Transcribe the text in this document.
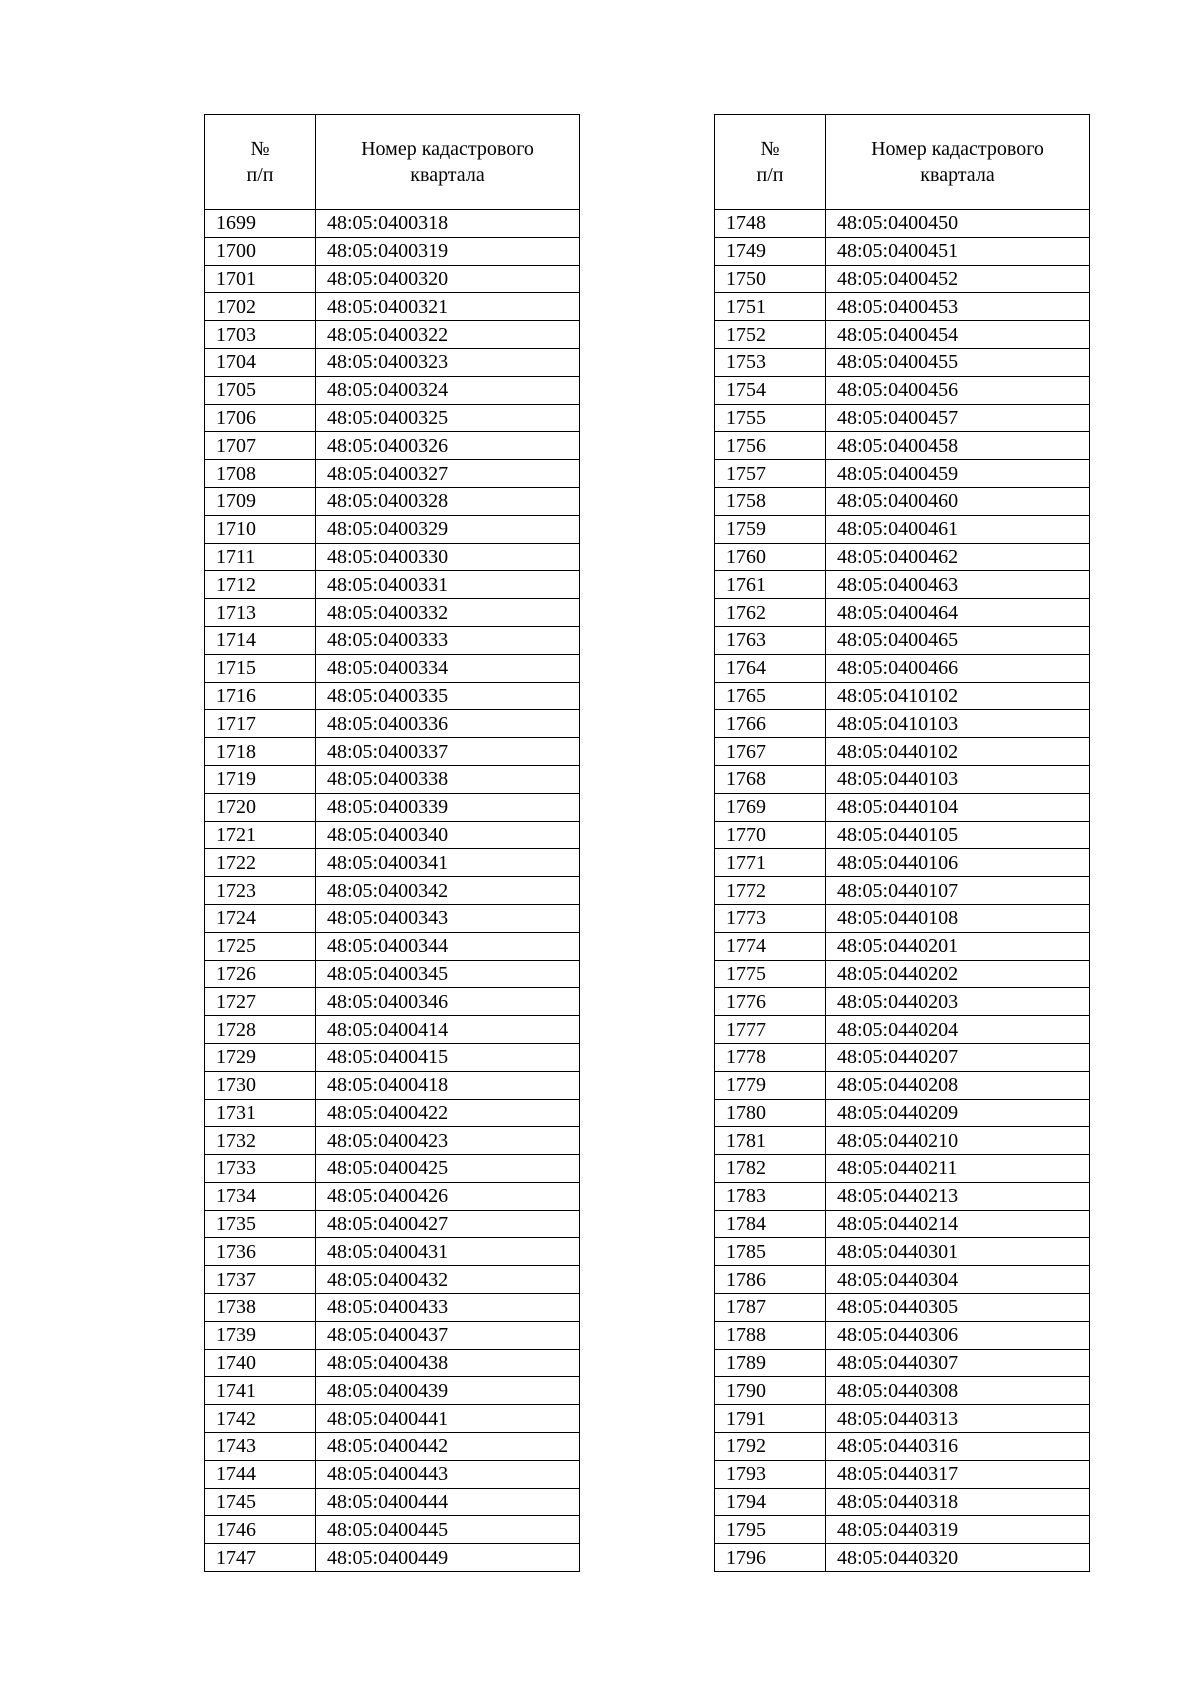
№
п/п	Номер кадастрового
квартала

1699	48:05:0400318
1700	48:05:0400319
1701	48:05:0400320
1702	48:05:0400321
1703	48:05:0400322
1704	48:05:0400323
1705	48:05:0400324
1706	48:05:0400325
1707	48:05:0400326
1708	48:05:0400327
1709	48:05:0400328
1710	48:05:0400329
1711	48:05:0400330
1712	48:05:0400331
1713	48:05:0400332
1714	48:05:0400333
1715	48:05:0400334
1716	48:05:0400335
1717	48:05:0400336
1718	48:05:0400337
1719	48:05:0400338
1720	48:05:0400339
1721	48:05:0400340
1722	48:05:0400341
1723	48:05:0400342
1724	48:05:0400343
1725	48:05:0400344
1726	48:05:0400345
1727	48:05:0400346
1728	48:05:0400414
1729	48:05:0400415
1730	48:05:0400418
1731	48:05:0400422
1732	48:05:0400423
1733	48:05:0400425
1734	48:05:0400426
1735	48:05:0400427
1736	48:05:0400431
1737	48:05:0400432
1738	48:05:0400433
1739	48:05:0400437
1740	48:05:0400438
1741	48:05:0400439
1742	48:05:0400441
1743	48:05:0400442
1744	48:05:0400443
1745	48:05:0400444
1746	48:05:0400445
1747	48:05:0400449
№
п/п	Номер кадастрового
квартала

1748	48:05:0400450
1749	48:05:0400451
1750	48:05:0400452
1751	48:05:0400453
1752	48:05:0400454
1753	48:05:0400455
1754	48:05:0400456
1755	48:05:0400457
1756	48:05:0400458
1757	48:05:0400459
1758	48:05:0400460
1759	48:05:0400461
1760	48:05:0400462
1761	48:05:0400463
1762	48:05:0400464
1763	48:05:0400465
1764	48:05:0400466
1765	48:05:0410102
1766	48:05:0410103
1767	48:05:0440102
1768	48:05:0440103
1769	48:05:0440104
1770	48:05:0440105
1771	48:05:0440106
1772	48:05:0440107
1773	48:05:0440108
1774	48:05:0440201
1775	48:05:0440202
1776	48:05:0440203
1777	48:05:0440204
1778	48:05:0440207
1779	48:05:0440208
1780	48:05:0440209
1781	48:05:0440210
1782	48:05:0440211
1783	48:05:0440213
1784	48:05:0440214
1785	48:05:0440301
1786	48:05:0440304
1787	48:05:0440305
1788	48:05:0440306
1789	48:05:0440307
1790	48:05:0440308
1791	48:05:0440313
1792	48:05:0440316
1793	48:05:0440317
1794	48:05:0440318
1795	48:05:0440319
1796	48:05:0440320
